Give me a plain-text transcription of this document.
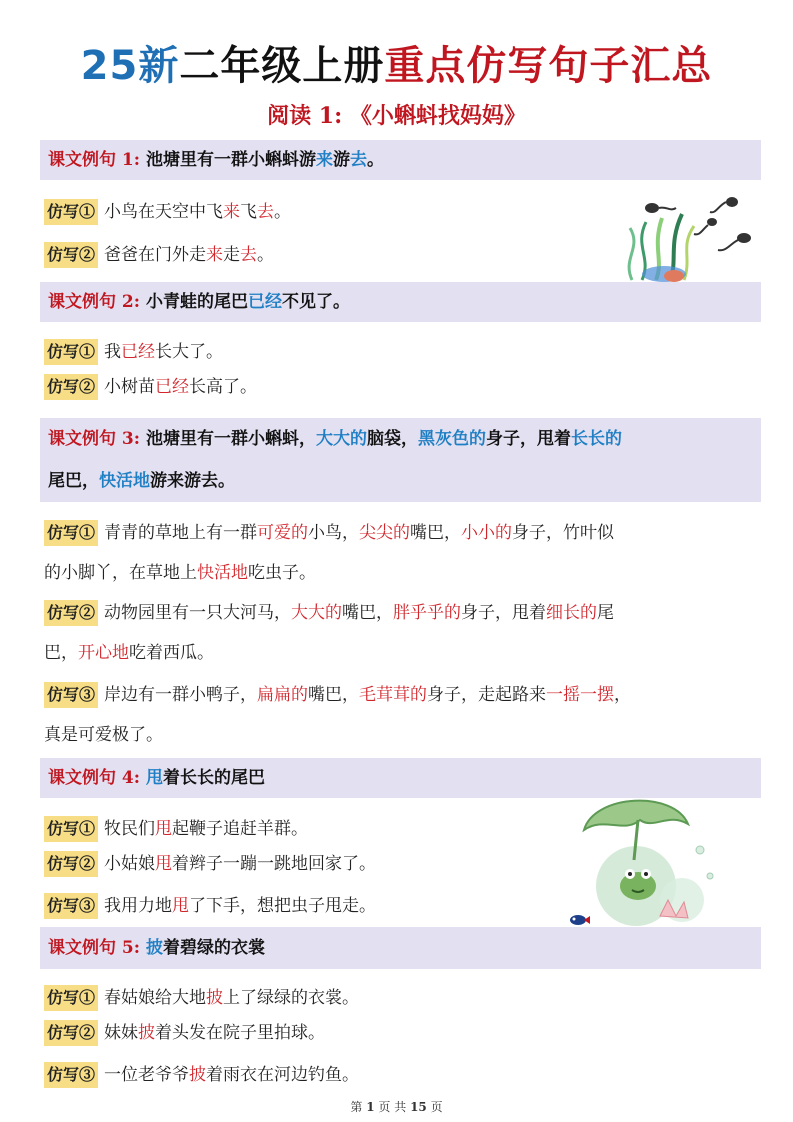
25新二年级上册重点仿写句子汇总
阅读 1: 《小蝌蚪找妈妈》
课文例句 1: 池塘里有一群小蝌蚪游来游去。
仿写① 小鸟在天空中飞来飞去。
仿写② 爸爸在门外走来走去。
课文例句 2: 小青蛙的尾巴已经不见了。
仿写① 我已经长大了。
仿写② 小树苗已经长高了。
课文例句 3: 池塘里有一群小蝌蚪，大大的脑袋，黑灰色的身子，甩着长长的
尾巴，快活地游来游去。
仿写① 青青的草地上有一群可爱的小鸟，尖尖的嘴巴，小小的身子，竹叶似
的小脚丫，在草地上快活地吃虫子。
仿写② 动物园里有一只大河马，大大的嘴巴，胖乎乎的身子，甩着细长的尾
巴，开心地吃着西瓜。
仿写③ 岸边有一群小鸭子，扁扁的嘴巴，毛茸茸的身子，走起路来一摇一摆，
真是可爱极了。
课文例句 4: 甩着长长的尾巴
仿写① 牧民们甩起鞭子追赶羊群。
仿写② 小姑娘甩着辫子一蹦一跳地回家了。
仿写③ 我用力地甩了下手，想把虫子甩走。
课文例句 5: 披着碧绿的衣裳
仿写① 春姑娘给大地披上了绿绿的衣裳。
仿写② 妹妹披着头发在院子里拍球。
仿写③ 一位老爷爷披着雨衣在河边钓鱼。
第 1 页 共 15 页
